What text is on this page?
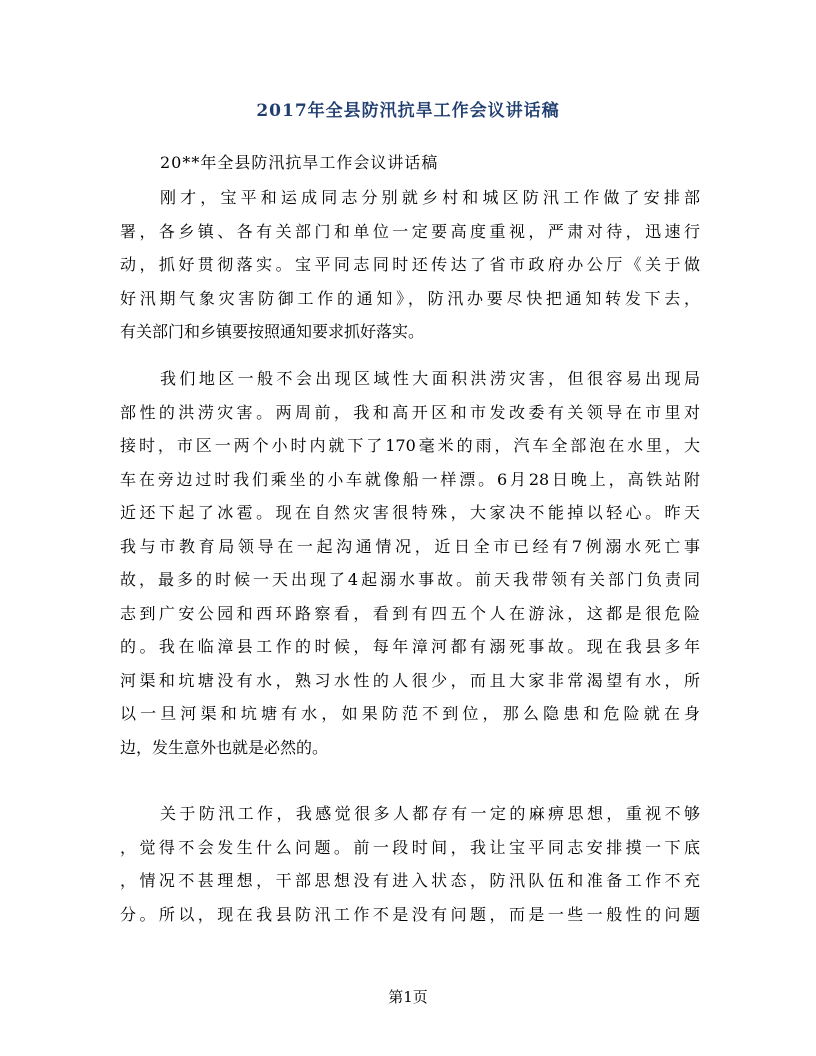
2017年全县防汛抗旱工作会议讲话稿
20**年全县防汛抗旱工作会议讲话稿
刚才，宝平和运成同志分别就乡村和城区防汛工作做了安排部
署，各乡镇、各有关部门和单位一定要高度重视，严肃对待，迅速行
动，抓好贯彻落实。宝平同志同时还传达了省市政府办公厅《关于做
好汛期气象灾害防御工作的通知》，防汛办要尽快把通知转发下去，
有关部门和乡镇要按照通知要求抓好落实。
我们地区一般不会出现区域性大面积洪涝灾害，但很容易出现局
部性的洪涝灾害。两周前，我和高开区和市发改委有关领导在市里对
接时，市区一两个小时内就下了170毫米的雨，汽车全部泡在水里，大
车在旁边过时我们乘坐的小车就像船一样漂。6月28日晚上，高铁站附
近还下起了冰雹。现在自然灾害很特殊，大家决不能掉以轻心。昨天
我与市教育局领导在一起沟通情况，近日全市已经有7例溺水死亡事
故，最多的时候一天出现了4起溺水事故。前天我带领有关部门负责同
志到广安公园和西环路察看，看到有四五个人在游泳，这都是很危险
的。我在临漳县工作的时候，每年漳河都有溺死事故。现在我县多年
河渠和坑塘没有水，熟习水性的人很少，而且大家非常渴望有水，所
以一旦河渠和坑塘有水，如果防范不到位，那么隐患和危险就在身
边，发生意外也就是必然的。
关于防汛工作，我感觉很多人都存有一定的麻痹思想，重视不够
，觉得不会发生什么问题。前一段时间，我让宝平同志安排摸一下底
，情况不甚理想，干部思想没有进入状态，防汛队伍和准备工作不充
分。所以，现在我县防汛工作不是没有问题，而是一些一般性的问题
第1页
